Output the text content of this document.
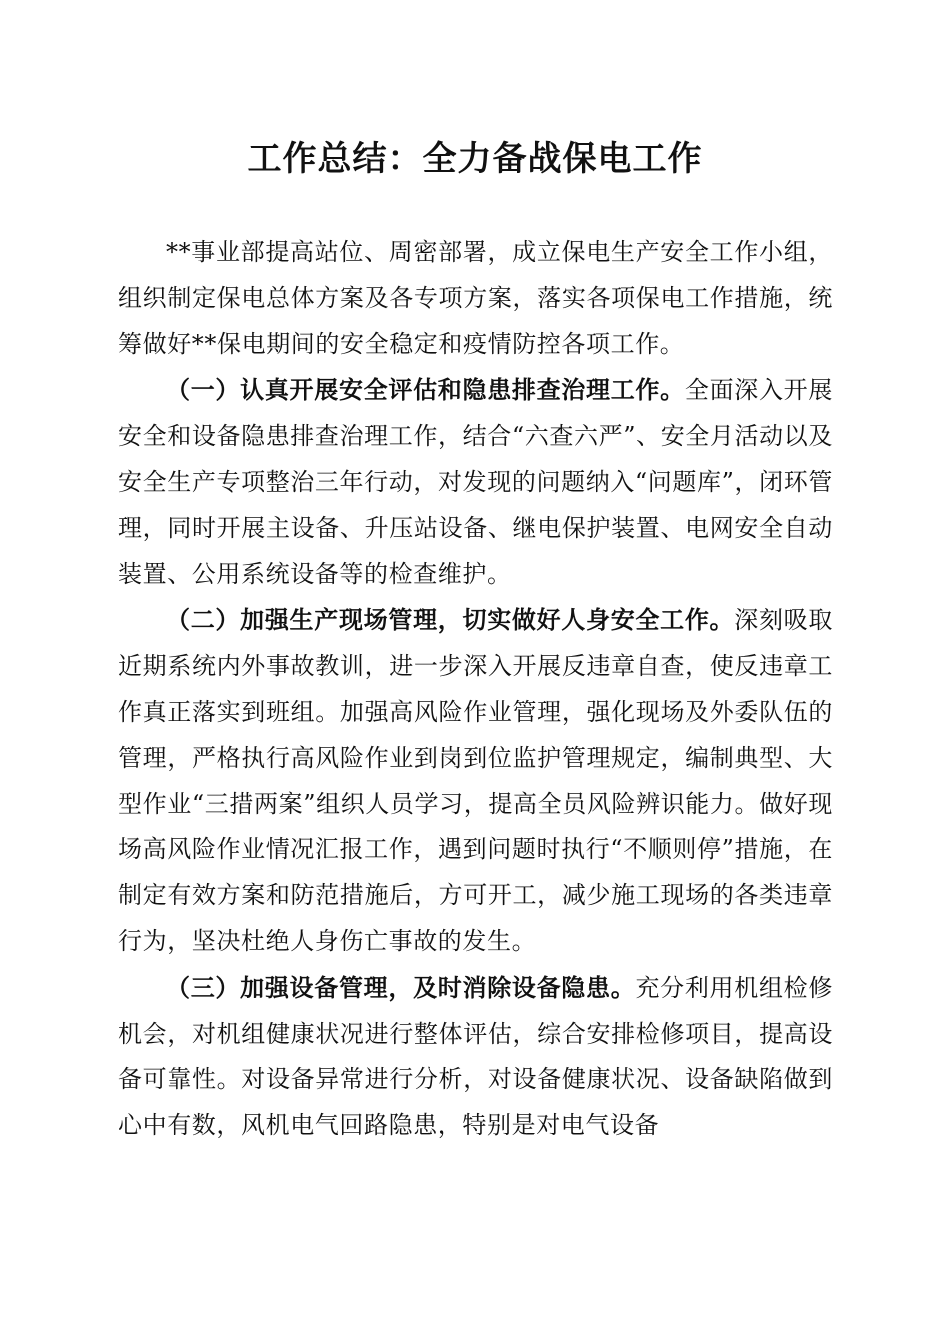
工作总结：全力备战保电工作

**事业部提高站位、周密部署，成立保电生产安全工作小组，组织制定保电总体方案及各专项方案，落实各项保电工作措施，统筹做好**保电期间的安全稳定和疫情防控各项工作。

（一）认真开展安全评估和隐患排查治理工作。全面深入开展安全和设备隐患排查治理工作，结合“六查六严”、安全月活动以及安全生产专项整治三年行动，对发现的问题纳入“问题库”，闭环管理，同时开展主设备、升压站设备、继电保护装置、电网安全自动装置、公用系统设备等的检查维护。

（二）加强生产现场管理，切实做好人身安全工作。深刻吸取近期系统内外事故教训，进一步深入开展反违章自查，使反违章工作真正落实到班组。加强高风险作业管理，强化现场及外委队伍的管理，严格执行高风险作业到岗到位监护管理规定，编制典型、大型作业“三措两案”组织人员学习，提高全员风险辨识能力。做好现场高风险作业情况汇报工作，遇到问题时执行“不顺则停”措施，在制定有效方案和防范措施后，方可开工，减少施工现场的各类违章行为，坚决杜绝人身伤亡事故的发生。

（三）加强设备管理，及时消除设备隐患。充分利用机组检修机会，对机组健康状况进行整体评估，综合安排检修项目，提高设备可靠性。对设备异常进行分析，对设备健康状况、设备缺陷做到心中有数，风机电气回路隐患，特别是对电气设备
